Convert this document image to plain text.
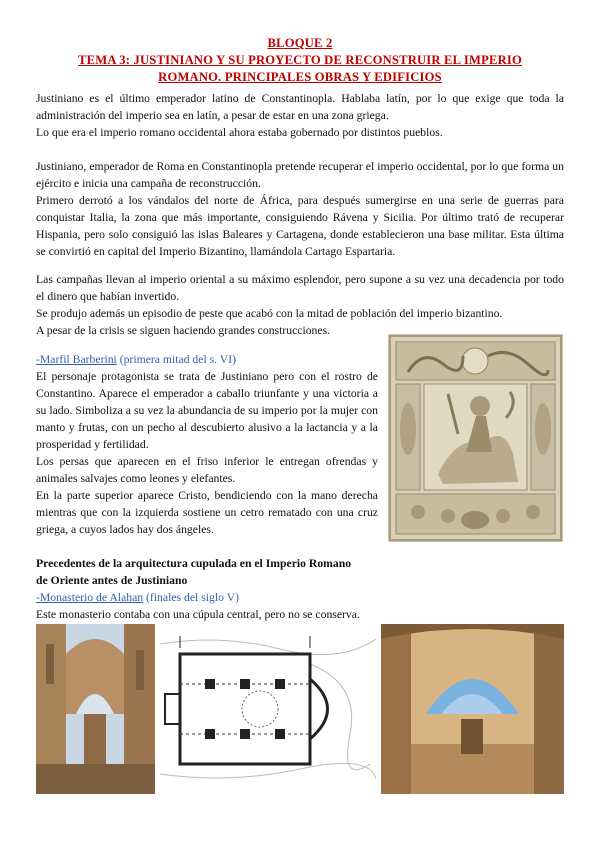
BLOQUE 2
TEMA 3: JUSTINIANO Y SU PROYECTO DE RECONSTRUIR EL IMPERIO
ROMANO. PRINCIPALES OBRAS Y EDIFICIOS

Justiniano es el último emperador latino de Constantinopla. Hablaba latín, por lo que exige que toda la administración del imperio sea en latín, a pesar de estar en una zona griega.

Lo que era el imperio romano occidental ahora estaba gobernado por distintos pueblos.

Justiniano, emperador de Roma en Constantinopla pretende recuperar el imperio occidental, por lo que forma un ejército e inicia una campaña de reconstrucción.

Primero derrotó a los vándalos del norte de África, para después sumergirse en una serie de guerras para conquistar Italia, la zona que más importante, consiguiendo Rávena y Sicilia. Por último trató de recuperar Hispania, pero solo consiguió las islas Baleares y Cartagena, donde establecieron una base militar. Esta última se convirtió en capital del Imperio Bizantino, llamándola Cartago Espartaria.

Las campañas llevan al imperio oriental a su máximo esplendor, pero supone a su vez una decadencia por todo el dinero que habían invertido.

Se produjo además un episodio de peste que acabó con la mitad de población del imperio bizantino.

A pesar de la crisis se siguen haciendo grandes construcciones.

-Marfil Barberini (primera mitad del s. VI)

El personaje protagonista se trata de Justiniano pero con el rostro de Constantino. Aparece el emperador a caballo triunfante y una victoria a su lado. Simboliza a su vez la abundancia de su imperio por la mujer con manto y frutas, con un pecho al descubierto alusivo a la lactancia y a la prosperidad y fertilidad.

Los persas que aparecen en el friso inferior le entregan ofrendas y animales salvajes como leones y elefantes.

En la parte superior aparece Cristo, bendiciendo con la mano derecha mientras que con la izquierda sostiene un cetro rematado con una cruz griega, a cuyos lados hay dos ángeles.

Precedentes de la arquitectura cupulada en el Imperio Romano

de Oriente antes de Justiniano

-Monasterio de Alahan (finales del siglo V)

Este monasterio contaba con una cúpula central, pero no se conserva.
